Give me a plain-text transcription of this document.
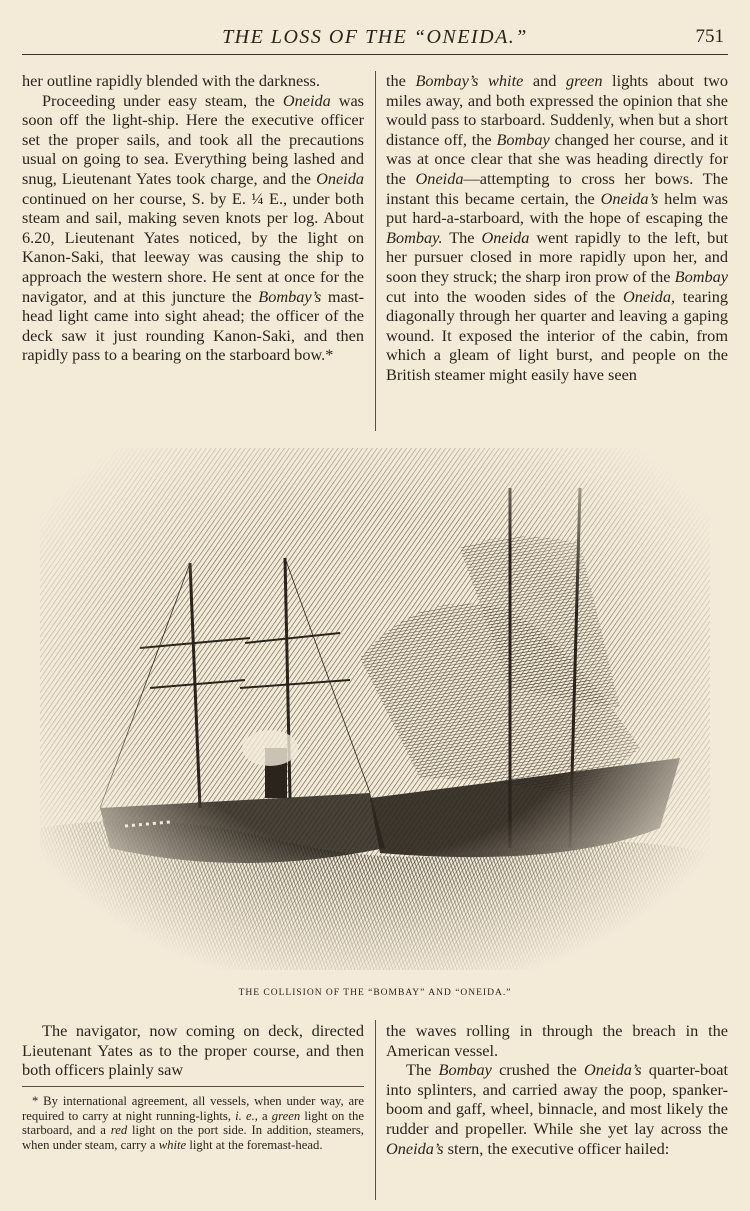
THE LOSS OF THE “ONEIDA.”	751

her outline rapidly blended with the darkness.

Proceeding under easy steam, the Oneida was soon off the light-ship. Here the executive officer set the proper sails, and took all the precautions usual on going to sea. Everything being lashed and snug, Lieutenant Yates took charge, and the Oneida continued on her course, S. by E. ¼ E., under both steam and sail, making seven knots per log. About 6.20, Lieutenant Yates noticed, by the light on Kanon-Saki, that leeway was causing the ship to approach the western shore. He sent at once for the navigator, and at this juncture the Bombay’s mast-head light came into sight ahead; the officer of the deck saw it just rounding Kanon-Saki, and then rapidly pass to a bearing on the starboard bow.*

the Bombay’s white and green lights about two miles away, and both expressed the opinion that she would pass to starboard. Suddenly, when but a short distance off, the Bombay changed her course, and it was at once clear that she was heading directly for the Oneida—attempting to cross her bows. The instant this became certain, the Oneida’s helm was put hard-a-starboard, with the hope of escaping the Bombay. The Oneida went rapidly to the left, but her pursuer closed in more rapidly upon her, and soon they struck; the sharp iron prow of the Bombay cut into the wooden sides of the Oneida, tearing diagonally through her quarter and leaving a gaping wound. It exposed the interior of the cabin, from which a gleam of light burst, and people on the British steamer might easily have seen

THE COLLISION OF THE “BOMBAY” AND “ONEIDA.”

The navigator, now coming on deck, directed Lieutenant Yates as to the proper course, and then both officers plainly saw

* By international agreement, all vessels, when under way, are required to carry at night running-lights, i. e., a green light on the starboard, and a red light on the port side. In addition, steamers, when under steam, carry a white light at the foremast-head.

the waves rolling in through the breach in the American vessel.

The Bombay crushed the Oneida’s quarter-boat into splinters, and carried away the poop, spanker-boom and gaff, wheel, binnacle, and most likely the rudder and propeller. While she yet lay across the Oneida’s stern, the executive officer hailed:
